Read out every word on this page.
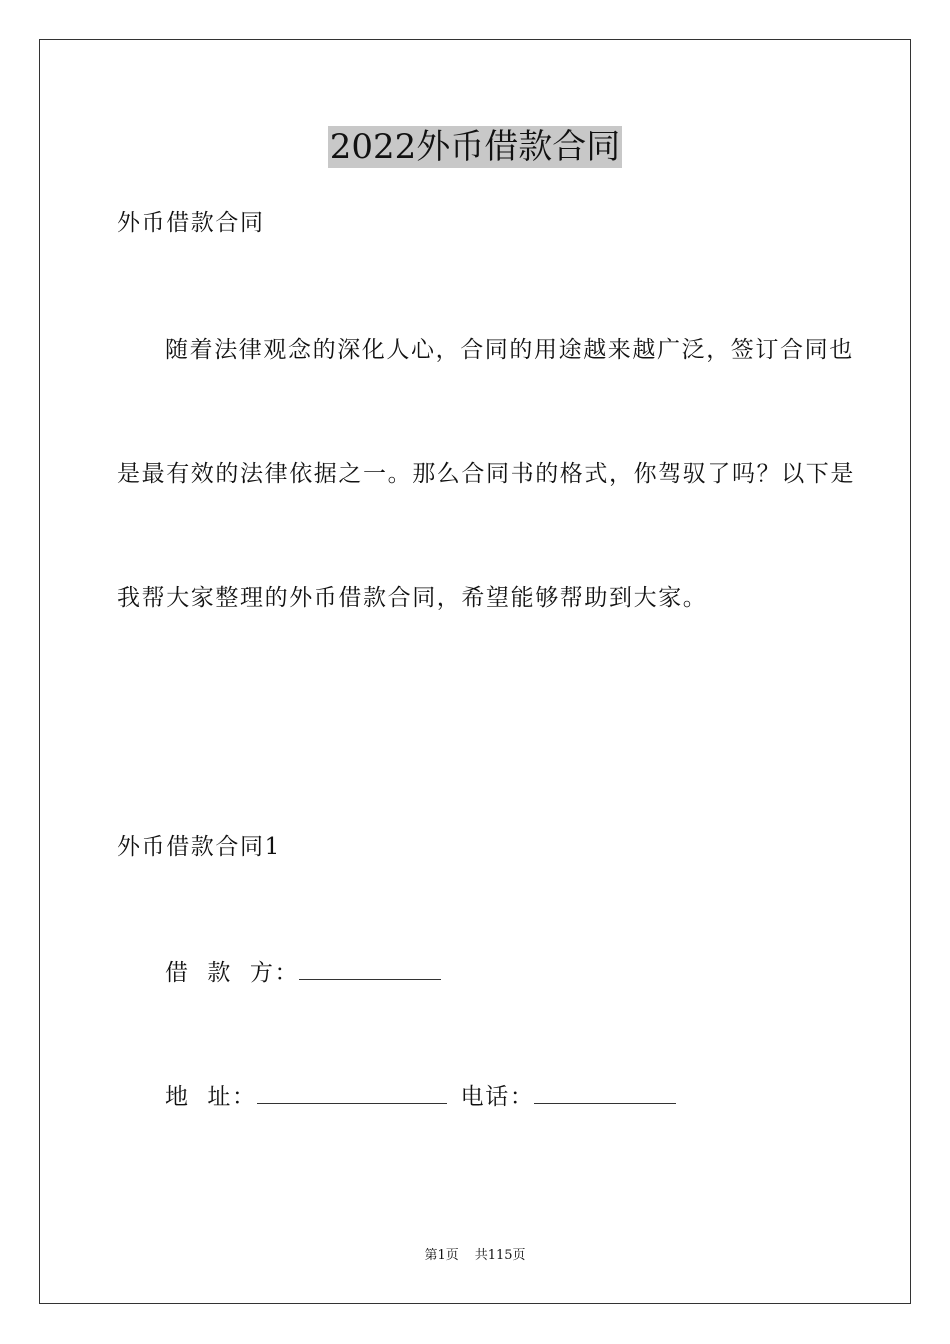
2022外币借款合同
外币借款合同
随着法律观念的深化人心，合同的用途越来越广泛，签订合同也
是最有效的法律依据之一。那么合同书的格式，你驾驭了吗？以下是
我帮大家整理的外币借款合同，希望能够帮助到大家。
外币借款合同1
借  款  方：
地  址：	电话：
第1页 共115页
